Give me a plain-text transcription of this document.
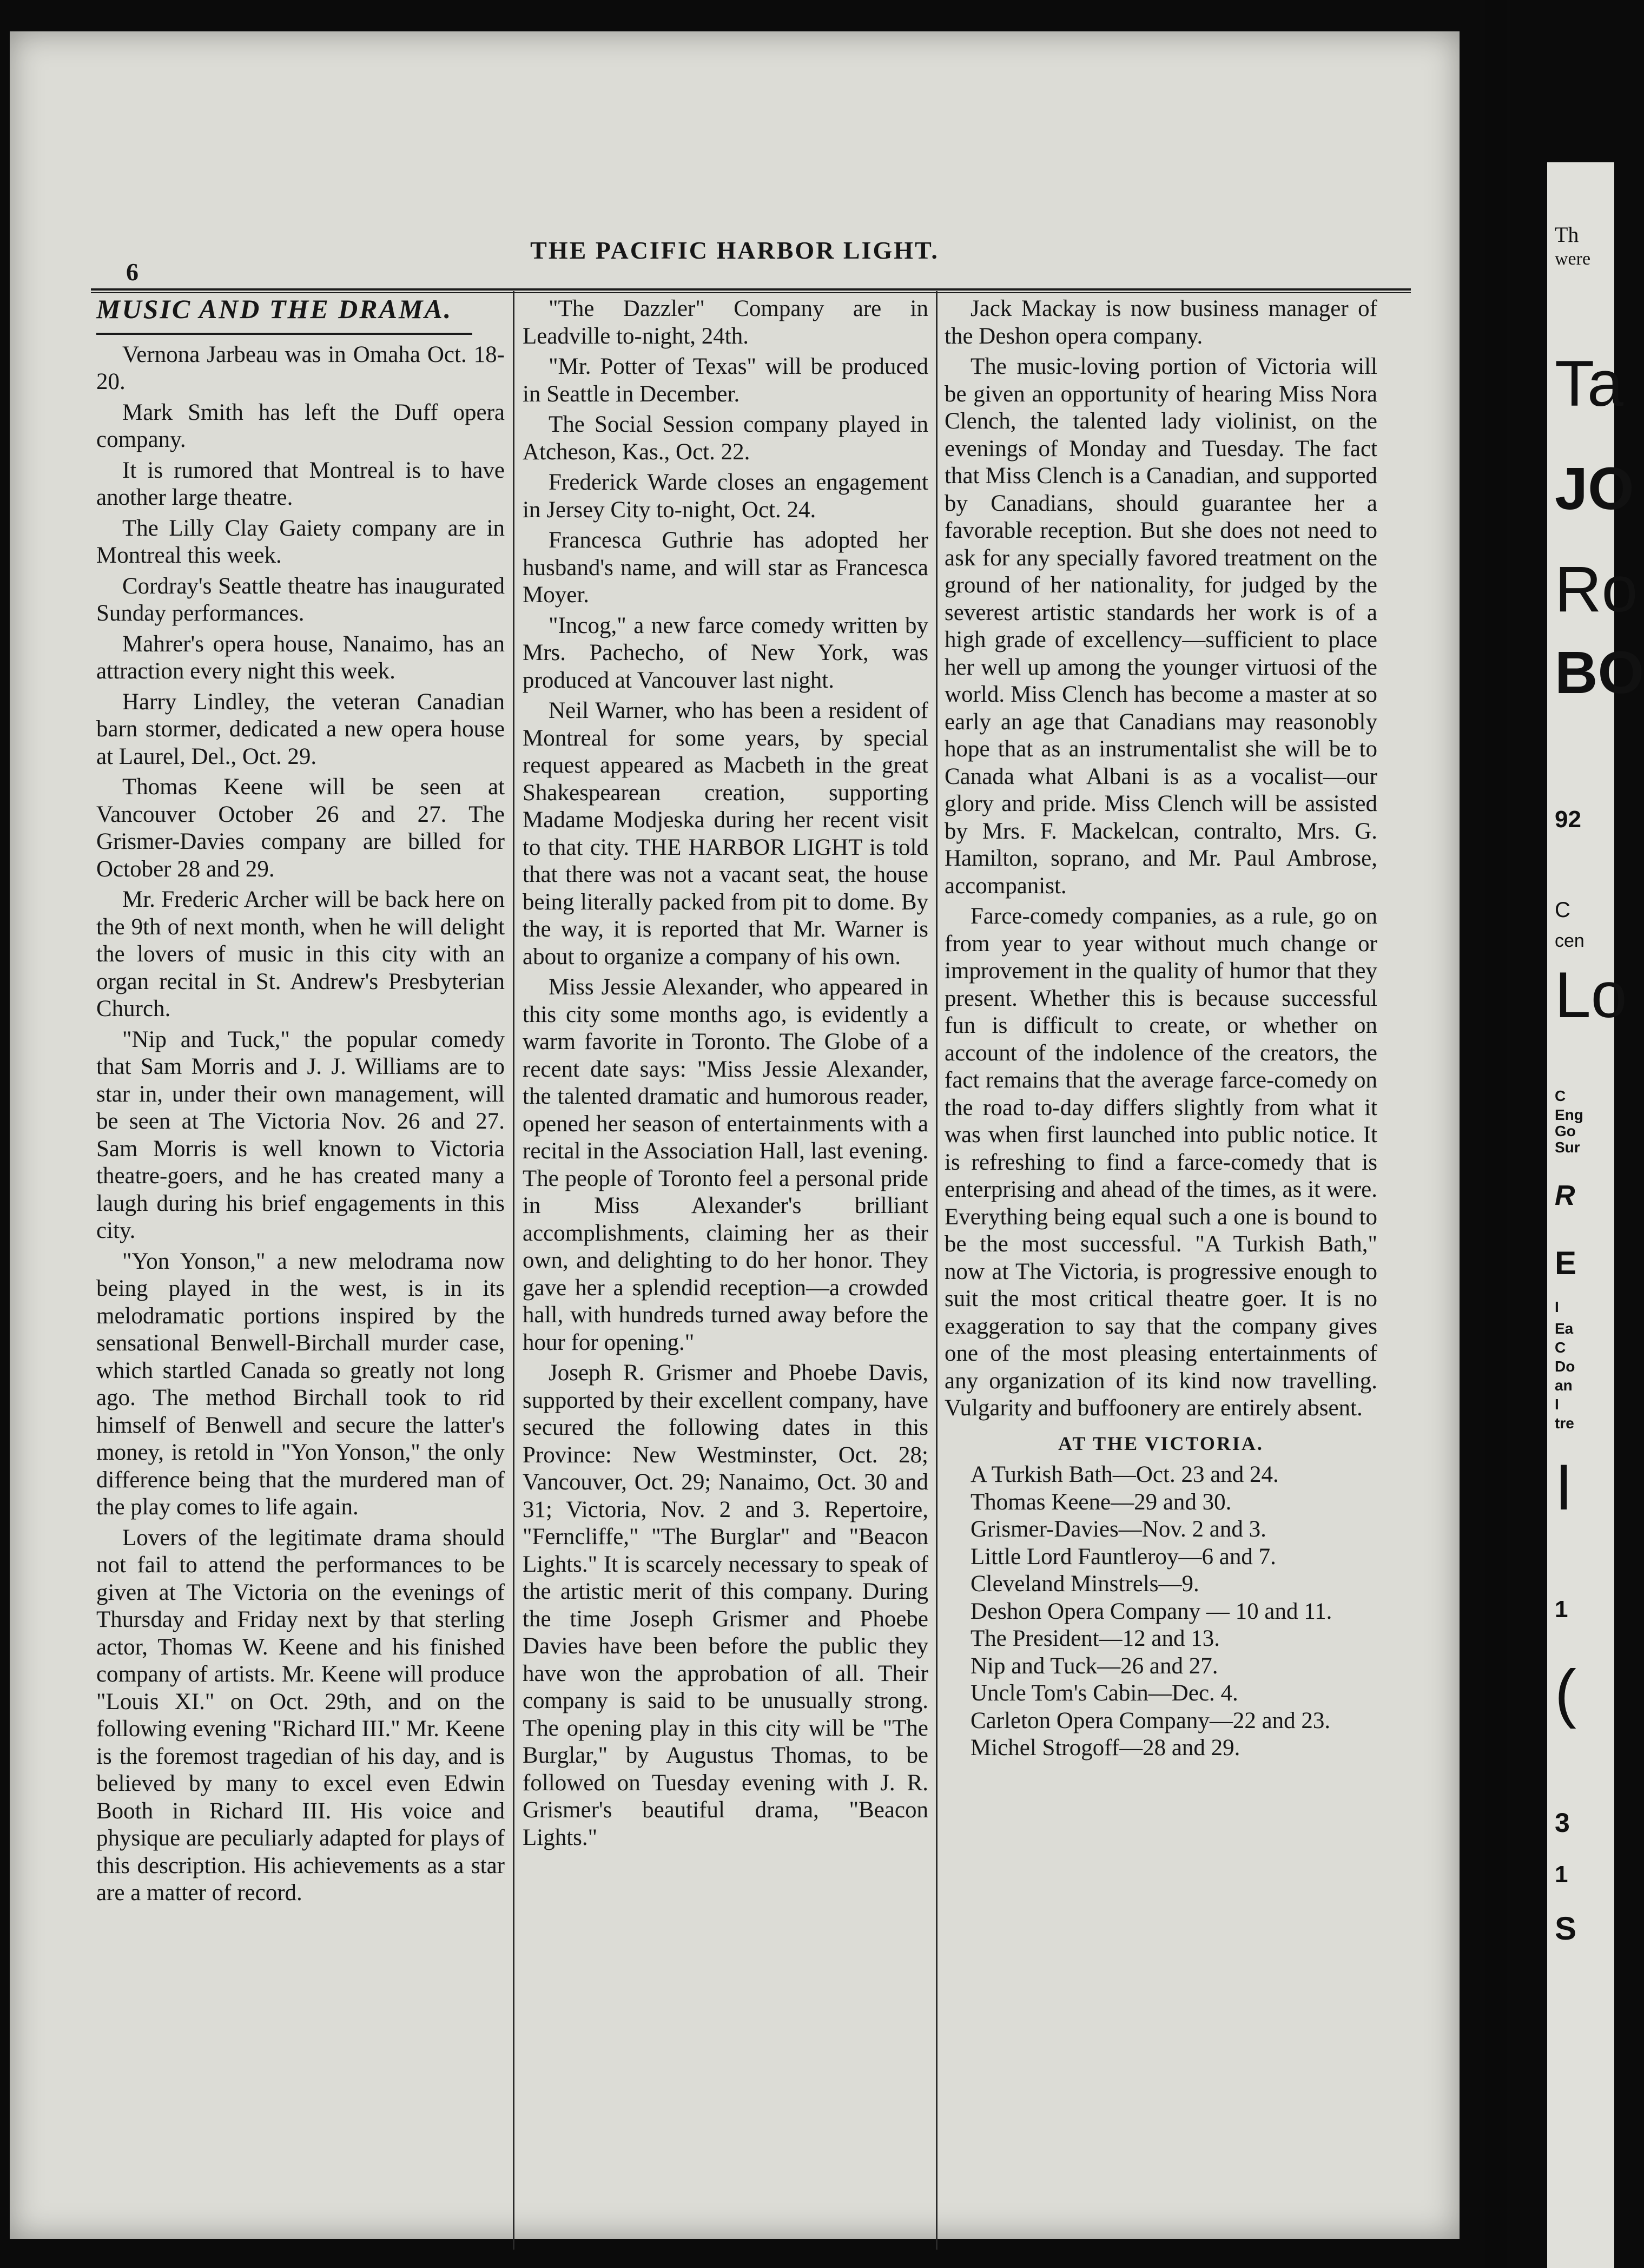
6
THE PACIFIC HARBOR LIGHT.
MUSIC AND THE DRAMA.

Vernona Jarbeau was in Omaha Oct. 18-20.

Mark Smith has left the Duff opera company.

It is rumored that Montreal is to have another large theatre.

The Lilly Clay Gaiety company are in Montreal this week.

Cordray's Seattle theatre has inaugurated Sunday performances.

Mahrer's opera house, Nanaimo, has an attraction every night this week.

Harry Lindley, the veteran Canadian barn stormer, dedicated a new opera house at Laurel, Del., Oct. 29.

Thomas Keene will be seen at Vancouver October 26 and 27. The Grismer-Davies company are billed for October 28 and 29.

Mr. Frederic Archer will be back here on the 9th of next month, when he will delight the lovers of music in this city with an organ recital in St. Andrew's Presbyterian Church.

"Nip and Tuck," the popular comedy that Sam Morris and J. J. Williams are to star in, under their own management, will be seen at The Victoria Nov. 26 and 27. Sam Morris is well known to Victoria theatre-goers, and he has created many a laugh during his brief engagements in this city.

"Yon Yonson," a new melodrama now being played in the west, is in its melodramatic portions inspired by the sensational Benwell-Birchall murder case, which startled Canada so greatly not long ago. The method Birchall took to rid himself of Benwell and secure the latter's money, is retold in "Yon Yonson," the only difference being that the murdered man of the play comes to life again.

Lovers of the legitimate drama should not fail to attend the performances to be given at The Victoria on the evenings of Thursday and Friday next by that sterling actor, Thomas W. Keene and his finished company of artists. Mr. Keene will produce "Louis XI." on Oct. 29th, and on the following evening "Richard III." Mr. Keene is the foremost tragedian of his day, and is believed by many to excel even Edwin Booth in Richard III. His voice and physique are peculiarly adapted for plays of this description. His achievements as a star are a matter of record.

"The Dazzler" Company are in Leadville to-night, 24th.

"Mr. Potter of Texas" will be produced in Seattle in December.

The Social Session company played in Atcheson, Kas., Oct. 22.

Frederick Warde closes an engagement in Jersey City to-night, Oct. 24.

Francesca Guthrie has adopted her husband's name, and will star as Francesca Moyer.

"Incog," a new farce comedy written by Mrs. Pachecho, of New York, was produced at Vancouver last night.

Neil Warner, who has been a resident of Montreal for some years, by special request appeared as Macbeth in the great Shakespearean creation, supporting Madame Modjeska during her recent visit to that city. THE HARBOR LIGHT is told that there was not a vacant seat, the house being literally packed from pit to dome. By the way, it is reported that Mr. Warner is about to organize a company of his own.

Miss Jessie Alexander, who appeared in this city some months ago, is evidently a warm favorite in Toronto. The Globe of a recent date says: "Miss Jessie Alexander, the talented dramatic and humorous reader, opened her season of entertainments with a recital in the Association Hall, last evening. The people of Toronto feel a personal pride in Miss Alexander's brilliant accomplishments, claiming her as their own, and delighting to do her honor. They gave her a splendid reception—a crowded hall, with hundreds turned away before the hour for opening."

Joseph R. Grismer and Phoebe Davis, supported by their excellent company, have secured the following dates in this Province: New Westminster, Oct. 28; Vancouver, Oct. 29; Nanaimo, Oct. 30 and 31; Victoria, Nov. 2 and 3. Repertoire, "Ferncliffe," "The Burglar" and "Beacon Lights." It is scarcely necessary to speak of the artistic merit of this company. During the time Joseph Grismer and Phoebe Davies have been before the public they have won the approbation of all. Their company is said to be unusually strong. The opening play in this city will be "The Burglar," by Augustus Thomas, to be followed on Tuesday evening with J. R. Grismer's beautiful drama, "Beacon Lights."

Jack Mackay is now business manager of the Deshon opera company.

The music-loving portion of Victoria will be given an opportunity of hearing Miss Nora Clench, the talented lady violinist, on the evenings of Monday and Tuesday. The fact that Miss Clench is a Canadian, and supported by Canadians, should guarantee her a favorable reception. But she does not need to ask for any specially favored treatment on the ground of her nationality, for judged by the severest artistic standards her work is of a high grade of excellency—sufficient to place her well up among the younger virtuosi of the world. Miss Clench has become a master at so early an age that Canadians may reasonobly hope that as an instrumentalist she will be to Canada what Albani is as a vocalist—our glory and pride. Miss Clench will be assisted by Mrs. F. Mackelcan, contralto, Mrs. G. Hamilton, soprano, and Mr. Paul Ambrose, accompanist.

Farce-comedy companies, as a rule, go on from year to year without much change or improvement in the quality of humor that they present. Whether this is because successful fun is difficult to create, or whether on account of the indolence of the creators, the fact remains that the average farce-comedy on the road to-day differs slightly from what it was when first launched into public notice. It is refreshing to find a farce-comedy that is enterprising and ahead of the times, as it were. Everything being equal such a one is bound to be the most successful. "A Turkish Bath," now at The Victoria, is progressive enough to suit the most critical theatre goer. It is no exaggeration to say that the company gives one of the most pleasing entertainments of any organization of its kind now travelling. Vulgarity and buffoonery are entirely absent.

AT THE VICTORIA.

A Turkish Bath—Oct. 23 and 24.

Thomas Keene—29 and 30.

Grismer-Davies—Nov. 2 and 3.

Little Lord Fauntleroy—6 and 7.

Cleveland Minstrels—9.

Deshon Opera Company — 10 and 11.

The President—12 and 13.

Nip and Tuck—26 and 27.

Uncle Tom's Cabin—Dec. 4.

Carleton Opera Company—22 and 23.

Michel Strogoff—28 and 29.

Th
were
Ta
JO
Ro
BO
92
C
cen
Lo
C
Eng
Go
Sur
R
E
I
Ea
C
Do
an
I
tre
I
1
(
3
1
S
